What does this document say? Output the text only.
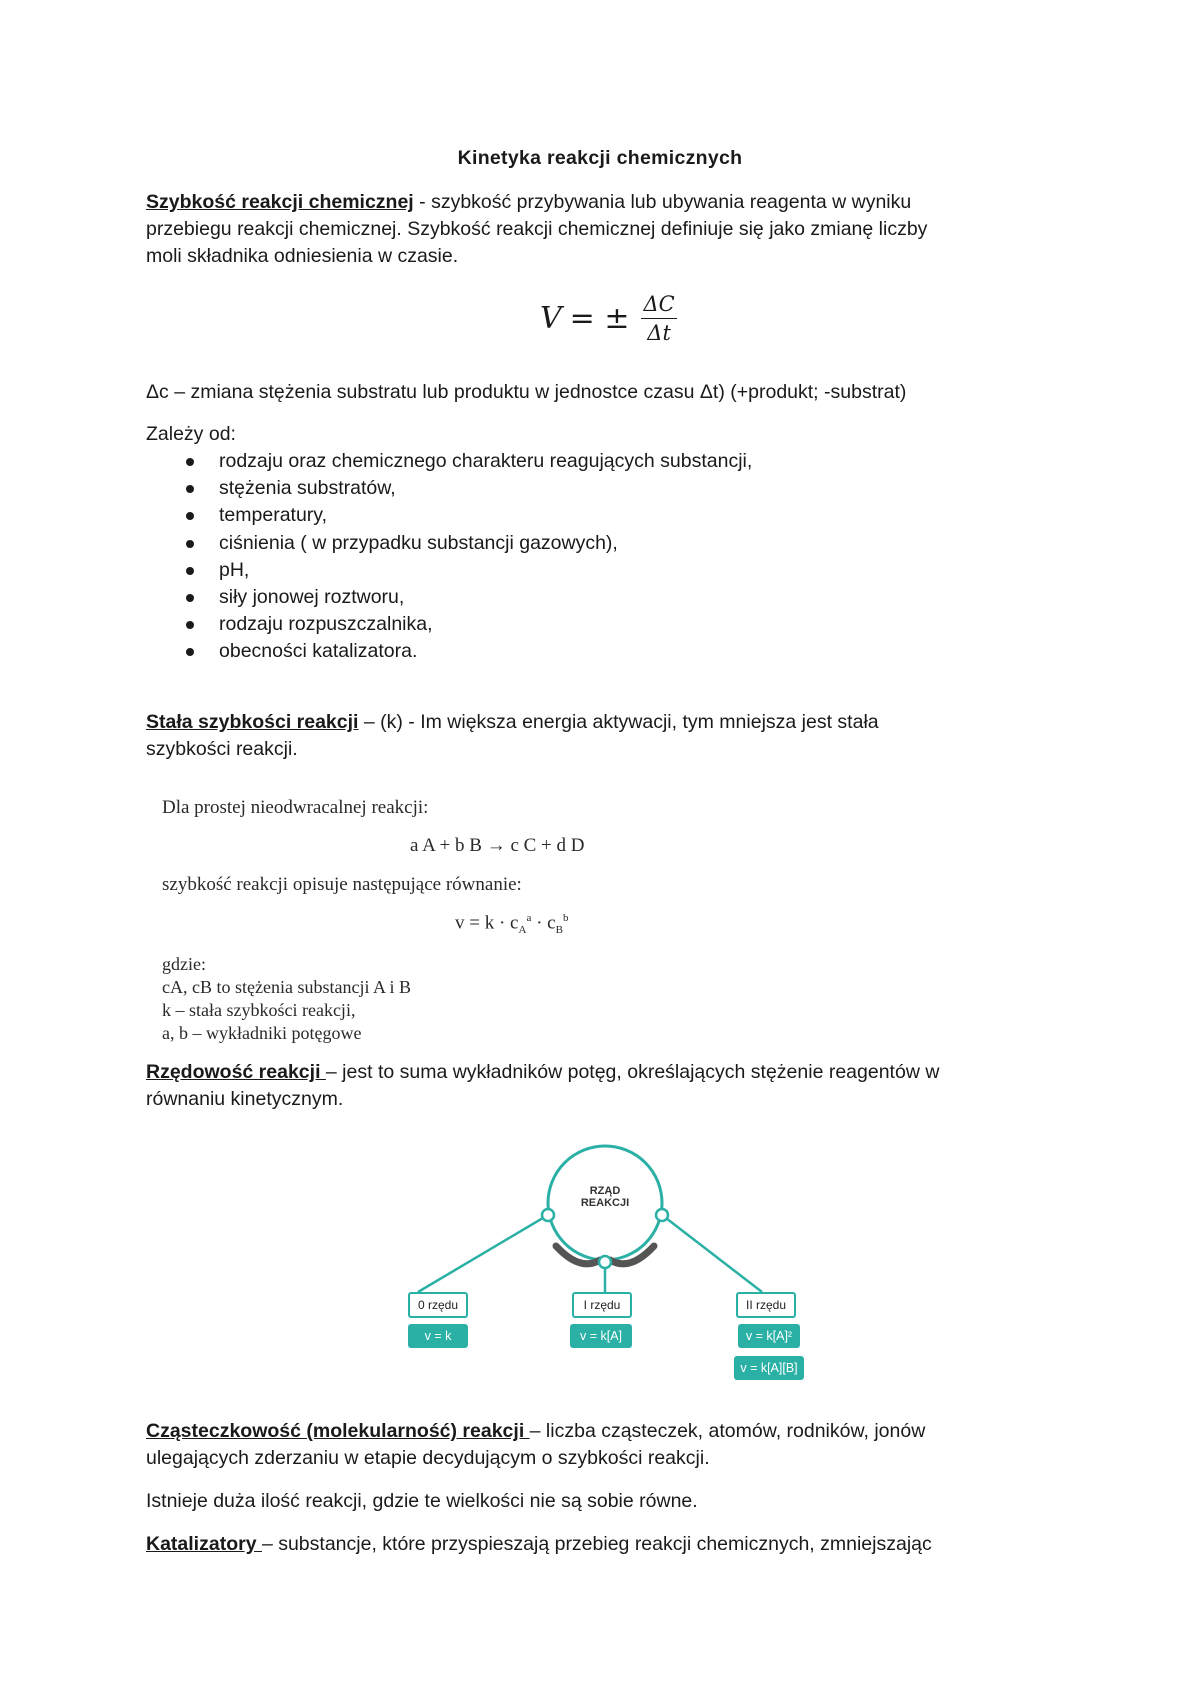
Kinetyka reakcji chemicznych
Szybkość reakcji chemicznej - szybkość przybywania lub ubywania reagenta w wyniku
przebiegu reakcji chemicznej. Szybkość reakcji chemicznej definiuje się jako zmianę liczby
moli składnika odniesienia w czasie.
V = ± $\frac{\Delta C}{\Delta t}$
Δc – zmiana stężenia substratu lub produktu w jednostce czasu Δt) (+produkt; -substrat)
Zależy od:
rodzaju oraz chemicznego charakteru reagujących substancji,
stężenia substratów,
temperatury,
ciśnienia ( w przypadku substancji gazowych),
pH,
siły jonowej roztworu,
rodzaju rozpuszczalnika,
obecności katalizatora.
Stała szybkości reakcji – (k) - Im większa energia aktywacji, tym mniejsza jest stała
szybkości reakcji.
Dla prostej nieodwracalnej reakcji:
a A + b B → c C + d D
szybkość reakcji opisuje następujące równanie:
$v = k \cdot c_A^a \cdot c_B^b$
gdzie:
cA, cB to stężenia substancji A i B
k – stała szybkości reakcji,
a, b – wykładniki potęgowe
Rzędowość reakcji – jest to suma wykładników potęg, określających stężenie reagentów w
równaniu kinetycznym.
RZĄD REAKCJI
0 rzędu
v = k
I rzędu
v = k[A]
II rzędu
v = k[A]²
v = k[A][B]
Cząsteczkowość (molekularność) reakcji – liczba cząsteczek, atomów, rodników, jonów
ulegających zderzaniu w etapie decydującym o szybkości reakcji.
Istnieje duża ilość reakcji, gdzie te wielkości nie są sobie równe.
Katalizatory – substancje, które przyspieszają przebieg reakcji chemicznych, zmniejszając
